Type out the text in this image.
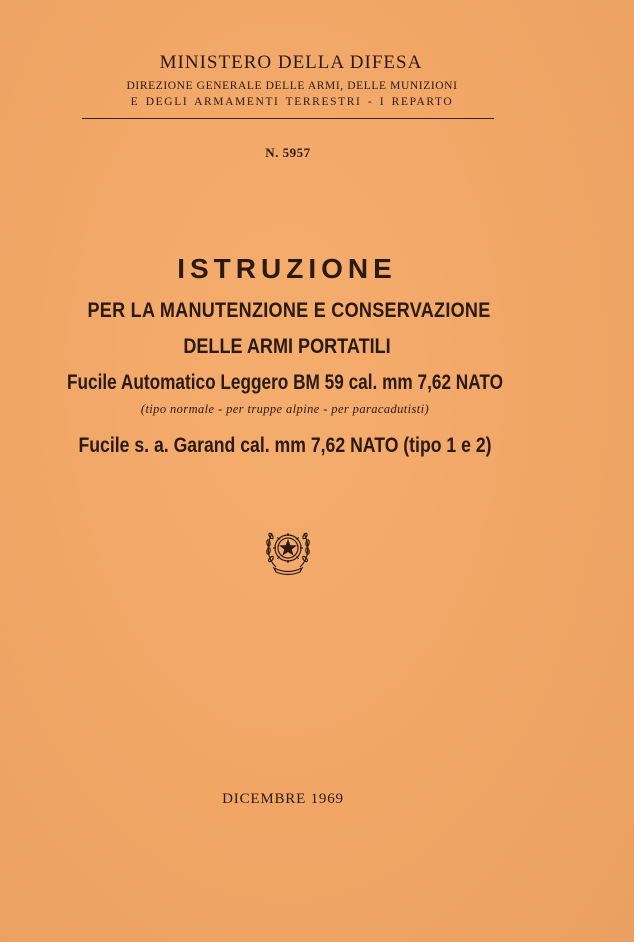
MINISTERO DELLA DIFESA
DIREZIONE GENERALE DELLE ARMI, DELLE MUNIZIONI
E DEGLI ARMAMENTI TERRESTRI - I REPARTO
N. 5957
ISTRUZIONE
PER LA MANUTENZIONE E CONSERVAZIONE
DELLE ARMI PORTATILI
Fucile Automatico Leggero BM 59 cal. mm 7,62 NATO
(tipo normale - per truppe alpine - per paracadutisti)
Fucile s. a. Garand cal. mm 7,62 NATO (tipo 1 e 2)
DICEMBRE 1969
